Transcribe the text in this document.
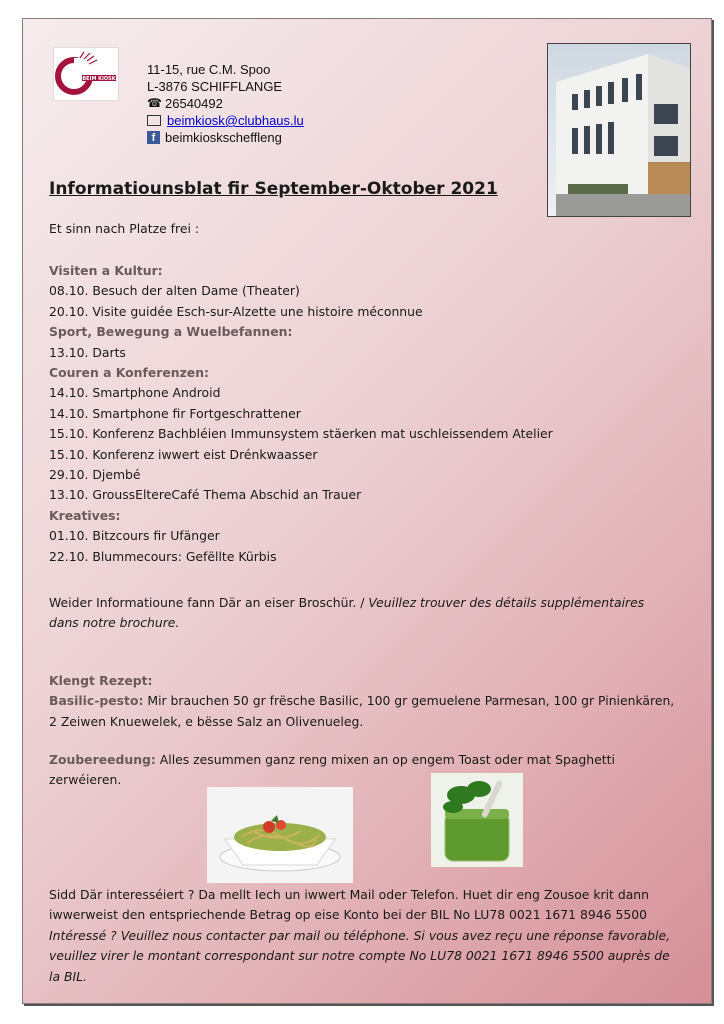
BEIM KIOSK
11-15, rue C.M. Spoo
L-3876 SCHIFFLANGE
☎ 26540492
beimkiosk@clubhaus.lu
f beimkioskscheffleng
Informatiounsblat fir September-Oktober 2021
Et sinn nach Platze frei :
Visiten a Kultur:
08.10. Besuch der alten Dame (Theater)
20.10. Visite guidée Esch-sur-Alzette une histoire méconnue
Sport, Bewegung a Wuelbefannen:
13.10. Darts
Couren a Konferenzen:
14.10. Smartphone Android
14.10. Smartphone fir Fortgeschrattener
15.10. Konferenz Bachbléien Immunsystem stäerken mat uschleissendem Atelier
15.10. Konferenz iwwert eist Drénkwaasser
29.10. Djembé
13.10. GroussEltereCafé Thema Abschid an Trauer
Kreatives:
01.10. Bitzcours fir Ufänger
22.10. Blummecours: Gefëllte Kürbis
Weider Informatioune fann Där an eiser Broschür. / Veuillez trouver des détails supplémentaires
dans notre brochure.
Klengt Rezept:
Basilic-pesto: Mir brauchen 50 gr frësche Basilic, 100 gr gemuelene Parmesan, 100 gr Pinienkären,
2 Zeiwen Knuewelek, e bësse Salz an Olivenueleg.
Zoubereedung: Alles zesummen ganz reng mixen an op engem Toast oder mat Spaghetti
zerwéieren.
Sidd Där interesséiert ? Da mellt Iech un iwwert Mail oder Telefon. Huet dir eng Zousoe krit dann
iwwerweist den entspriechende Betrag op eise Konto bei der BIL No LU78 0021 1671 8946 5500
Intéressé ? Veuillez nous contacter par mail ou téléphone. Si vous avez reçu une réponse favorable,
veuillez virer le montant correspondant sur notre compte No LU78 0021 1671 8946 5500 auprès de
la BIL.
